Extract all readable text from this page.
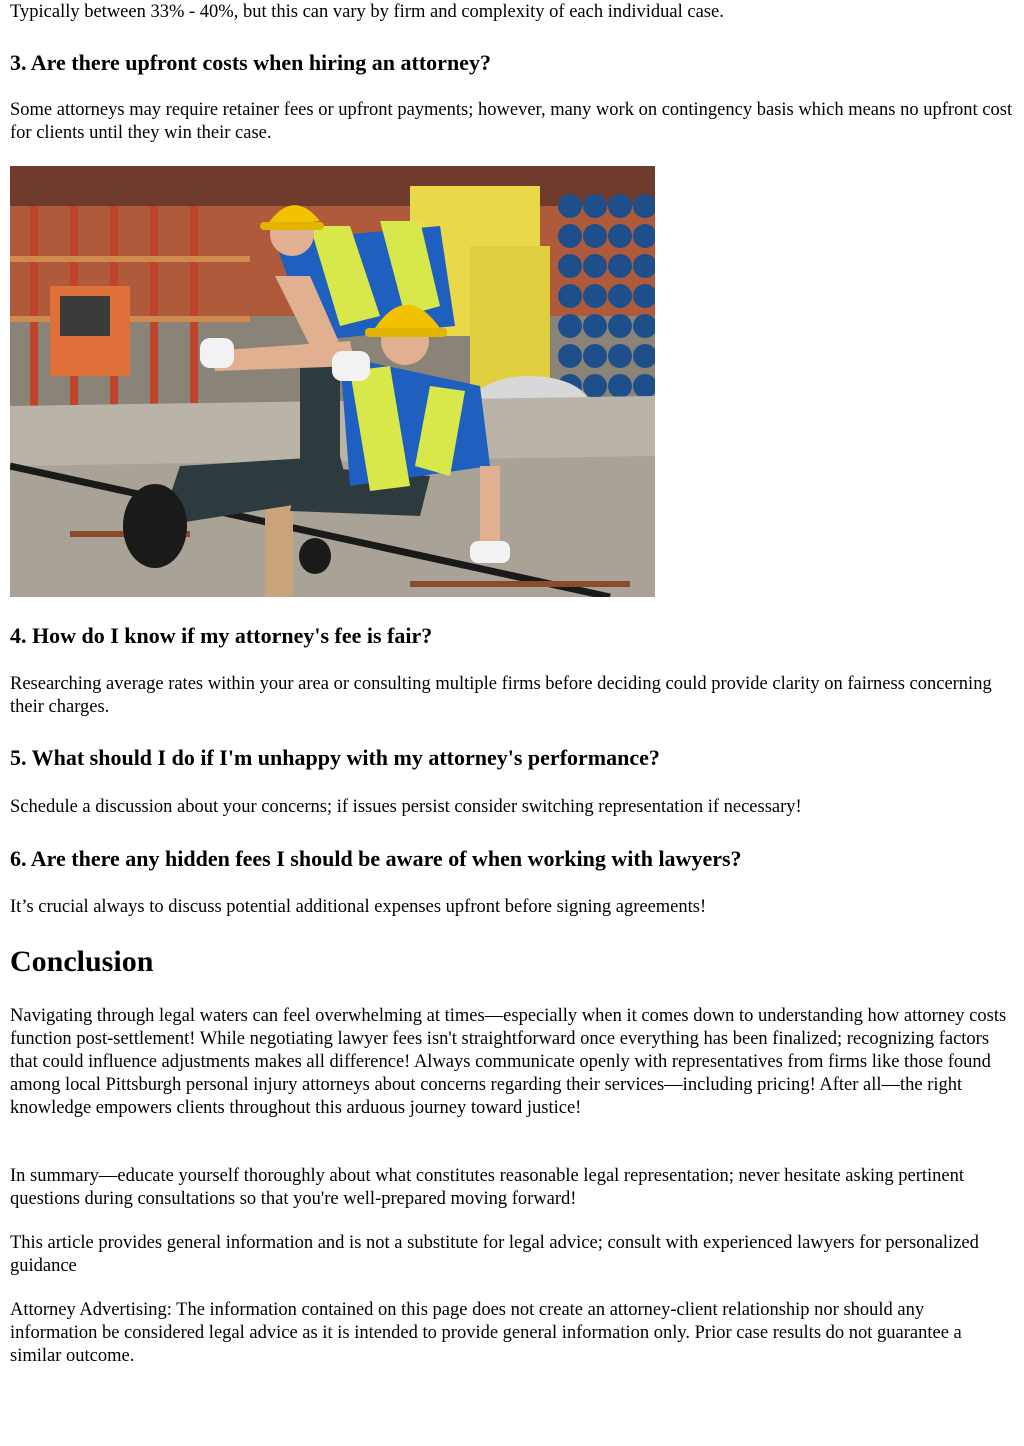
Typically between 33% - 40%, but this can vary by firm and complexity of each individual case.

3. Are there upfront costs when hiring an attorney?

Some attorneys may require retainer fees or upfront payments; however, many work on contingency basis which means no upfront cost for clients until they win their case.

4. How do I know if my attorney's fee is fair?

Researching average rates within your area or consulting multiple firms before deciding could provide clarity on fairness concerning their charges.

5. What should I do if I'm unhappy with my attorney's performance?

Schedule a discussion about your concerns; if issues persist consider switching representation if necessary!

6. Are there any hidden fees I should be aware of when working with lawyers?

It’s crucial always to discuss potential additional expenses upfront before signing agreements!

Conclusion

Navigating through legal waters can feel overwhelming at times—especially when it comes down to understanding how attorney costs function post-settlement! While negotiating lawyer fees isn't straightforward once everything has been finalized; recognizing factors that could influence adjustments makes all difference! Always communicate openly with representatives from firms like those found among local Pittsburgh personal injury attorneys about concerns regarding their services—including pricing! After all—the right knowledge empowers clients throughout this arduous journey toward justice!

In summary—educate yourself thoroughly about what constitutes reasonable legal representation; never hesitate asking pertinent questions during consultations so that you're well-prepared moving forward!

This article provides general information and is not a substitute for legal advice; consult with experienced lawyers for personalized guidance

Attorney Advertising: The information contained on this page does not create an attorney-client relationship nor should any information be considered legal advice as it is intended to provide general information only. Prior case results do not guarantee a similar outcome.
